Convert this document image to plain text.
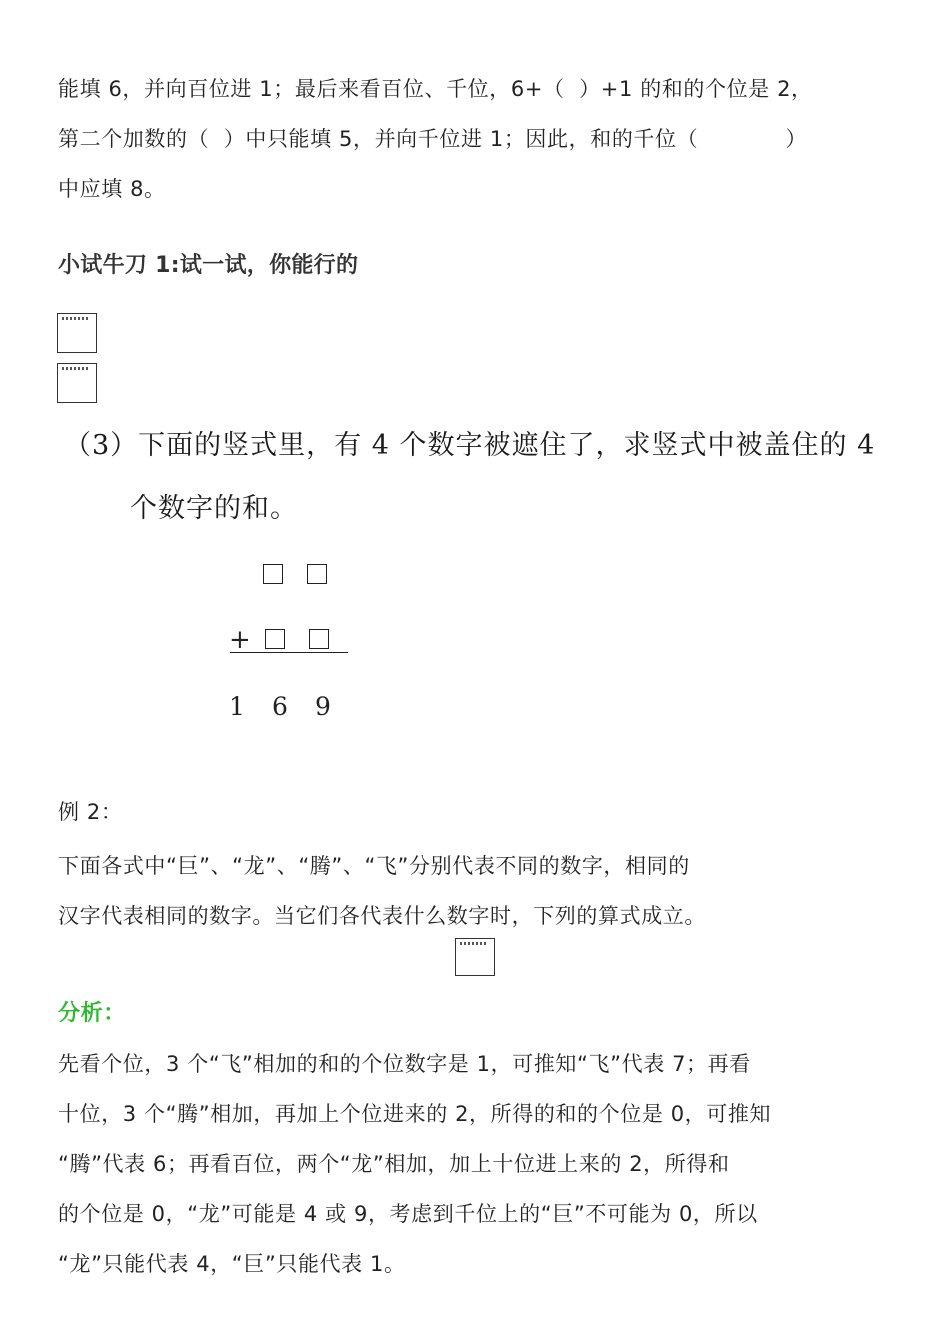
能填 6，并向百位进 1；最后来看百位、千位，6+（  ）+1 的和的个位是 2，
第二个加数的（  ）中只能填 5，并向千位进 1；因此，和的千位（            ）
中应填 8。
小试牛刀 1:试一试，你能行的
（3）下面的竖式里，有 4 个数字被遮住了，求竖式中被盖住的 4
个数字的和。
+
1 6 9
例 2：
下面各式中“巨”、“龙”、“腾”、“飞”分别代表不同的数字，相同的
汉字代表相同的数字。当它们各代表什么数字时，下列的算式成立。
分析：
先看个位，3 个“飞”相加的和的个位数字是 1，可推知“飞”代表 7；再看
十位，3 个“腾”相加，再加上个位进来的 2，所得的和的个位是 0，可推知
“腾”代表 6；再看百位，两个“龙”相加，加上十位进上来的 2，所得和
的个位是 0，“龙”可能是 4 或 9，考虑到千位上的“巨”不可能为 0，所以
“龙”只能代表 4，“巨”只能代表 1。
